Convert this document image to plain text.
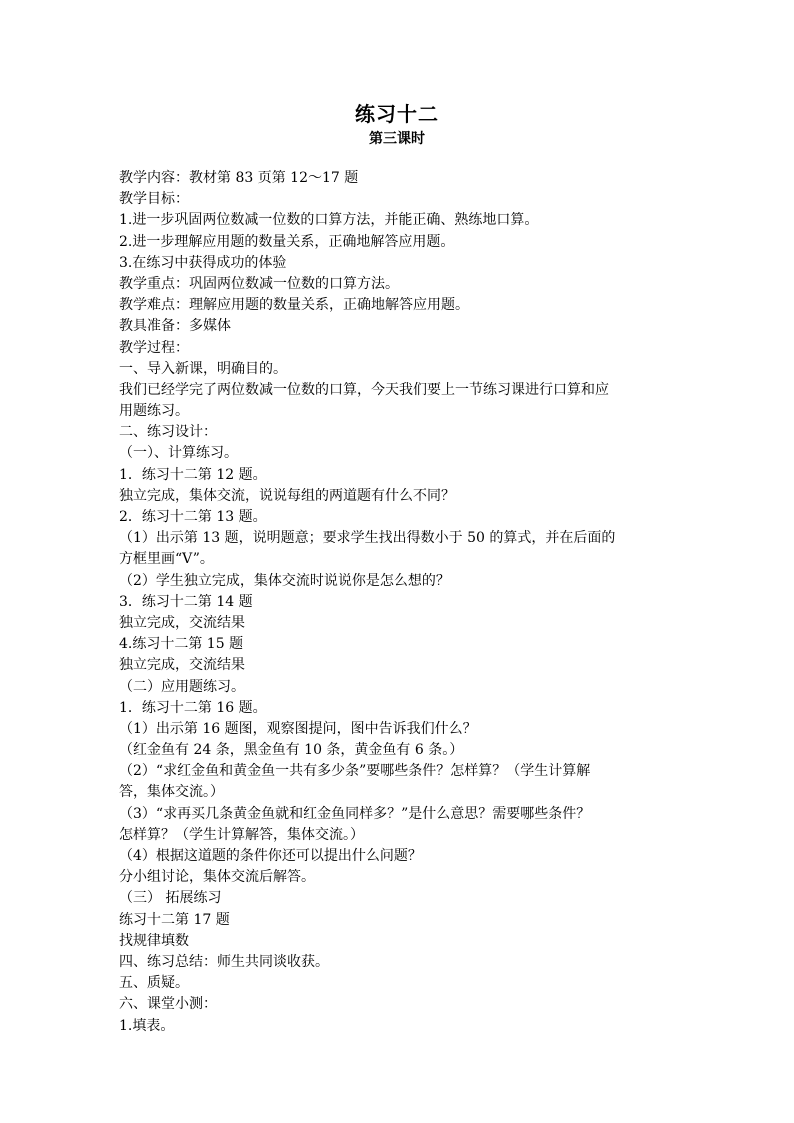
练习十二
第三课时
教学内容：教材第 83 页第 12～17 题
教学目标：
1.进一步巩固两位数减一位数的口算方法，并能正确、熟练地口算。
2.进一步理解应用题的数量关系，正确地解答应用题。
3.在练习中获得成功的体验
教学重点：巩固两位数减一位数的口算方法。
教学难点：理解应用题的数量关系，正确地解答应用题。
教具准备：多媒体
教学过程：
一、导入新课，明确目的。
我们已经学完了两位数减一位数的口算，今天我们要上一节练习课进行口算和应
用题练习。
二、练习设计：
（一）、计算练习。
1．练习十二第 12 题。
独立完成，集体交流，说说每组的两道题有什么不同？
2．练习十二第 13 题。
（1）出示第 13 题，说明题意；要求学生找出得数小于 50 的算式，并在后面的
方框里画“V”。
（2）学生独立完成，集体交流时说说你是怎么想的？
3．练习十二第 14 题
独立完成，交流结果
4.练习十二第 15 题
独立完成，交流结果
（二）应用题练习。
1．练习十二第 16 题。
（1）出示第 16 题图，观察图提问，图中告诉我们什么？
（红金鱼有 24 条，黑金鱼有 10 条，黄金鱼有 6 条。）
（2）“求红金鱼和黄金鱼一共有多少条”要哪些条件？怎样算？（学生计算解
答，集体交流。）
（3）“求再买几条黄金鱼就和红金鱼同样多？”是什么意思？需要哪些条件？
怎样算？（学生计算解答，集体交流。）
（4）根据这道题的条件你还可以提出什么问题？
分小组讨论，集体交流后解答。
（三） 拓展练习
练习十二第 17 题
找规律填数
四、练习总结：师生共同谈收获。
五、质疑。
六、课堂小测：
1.填表。
